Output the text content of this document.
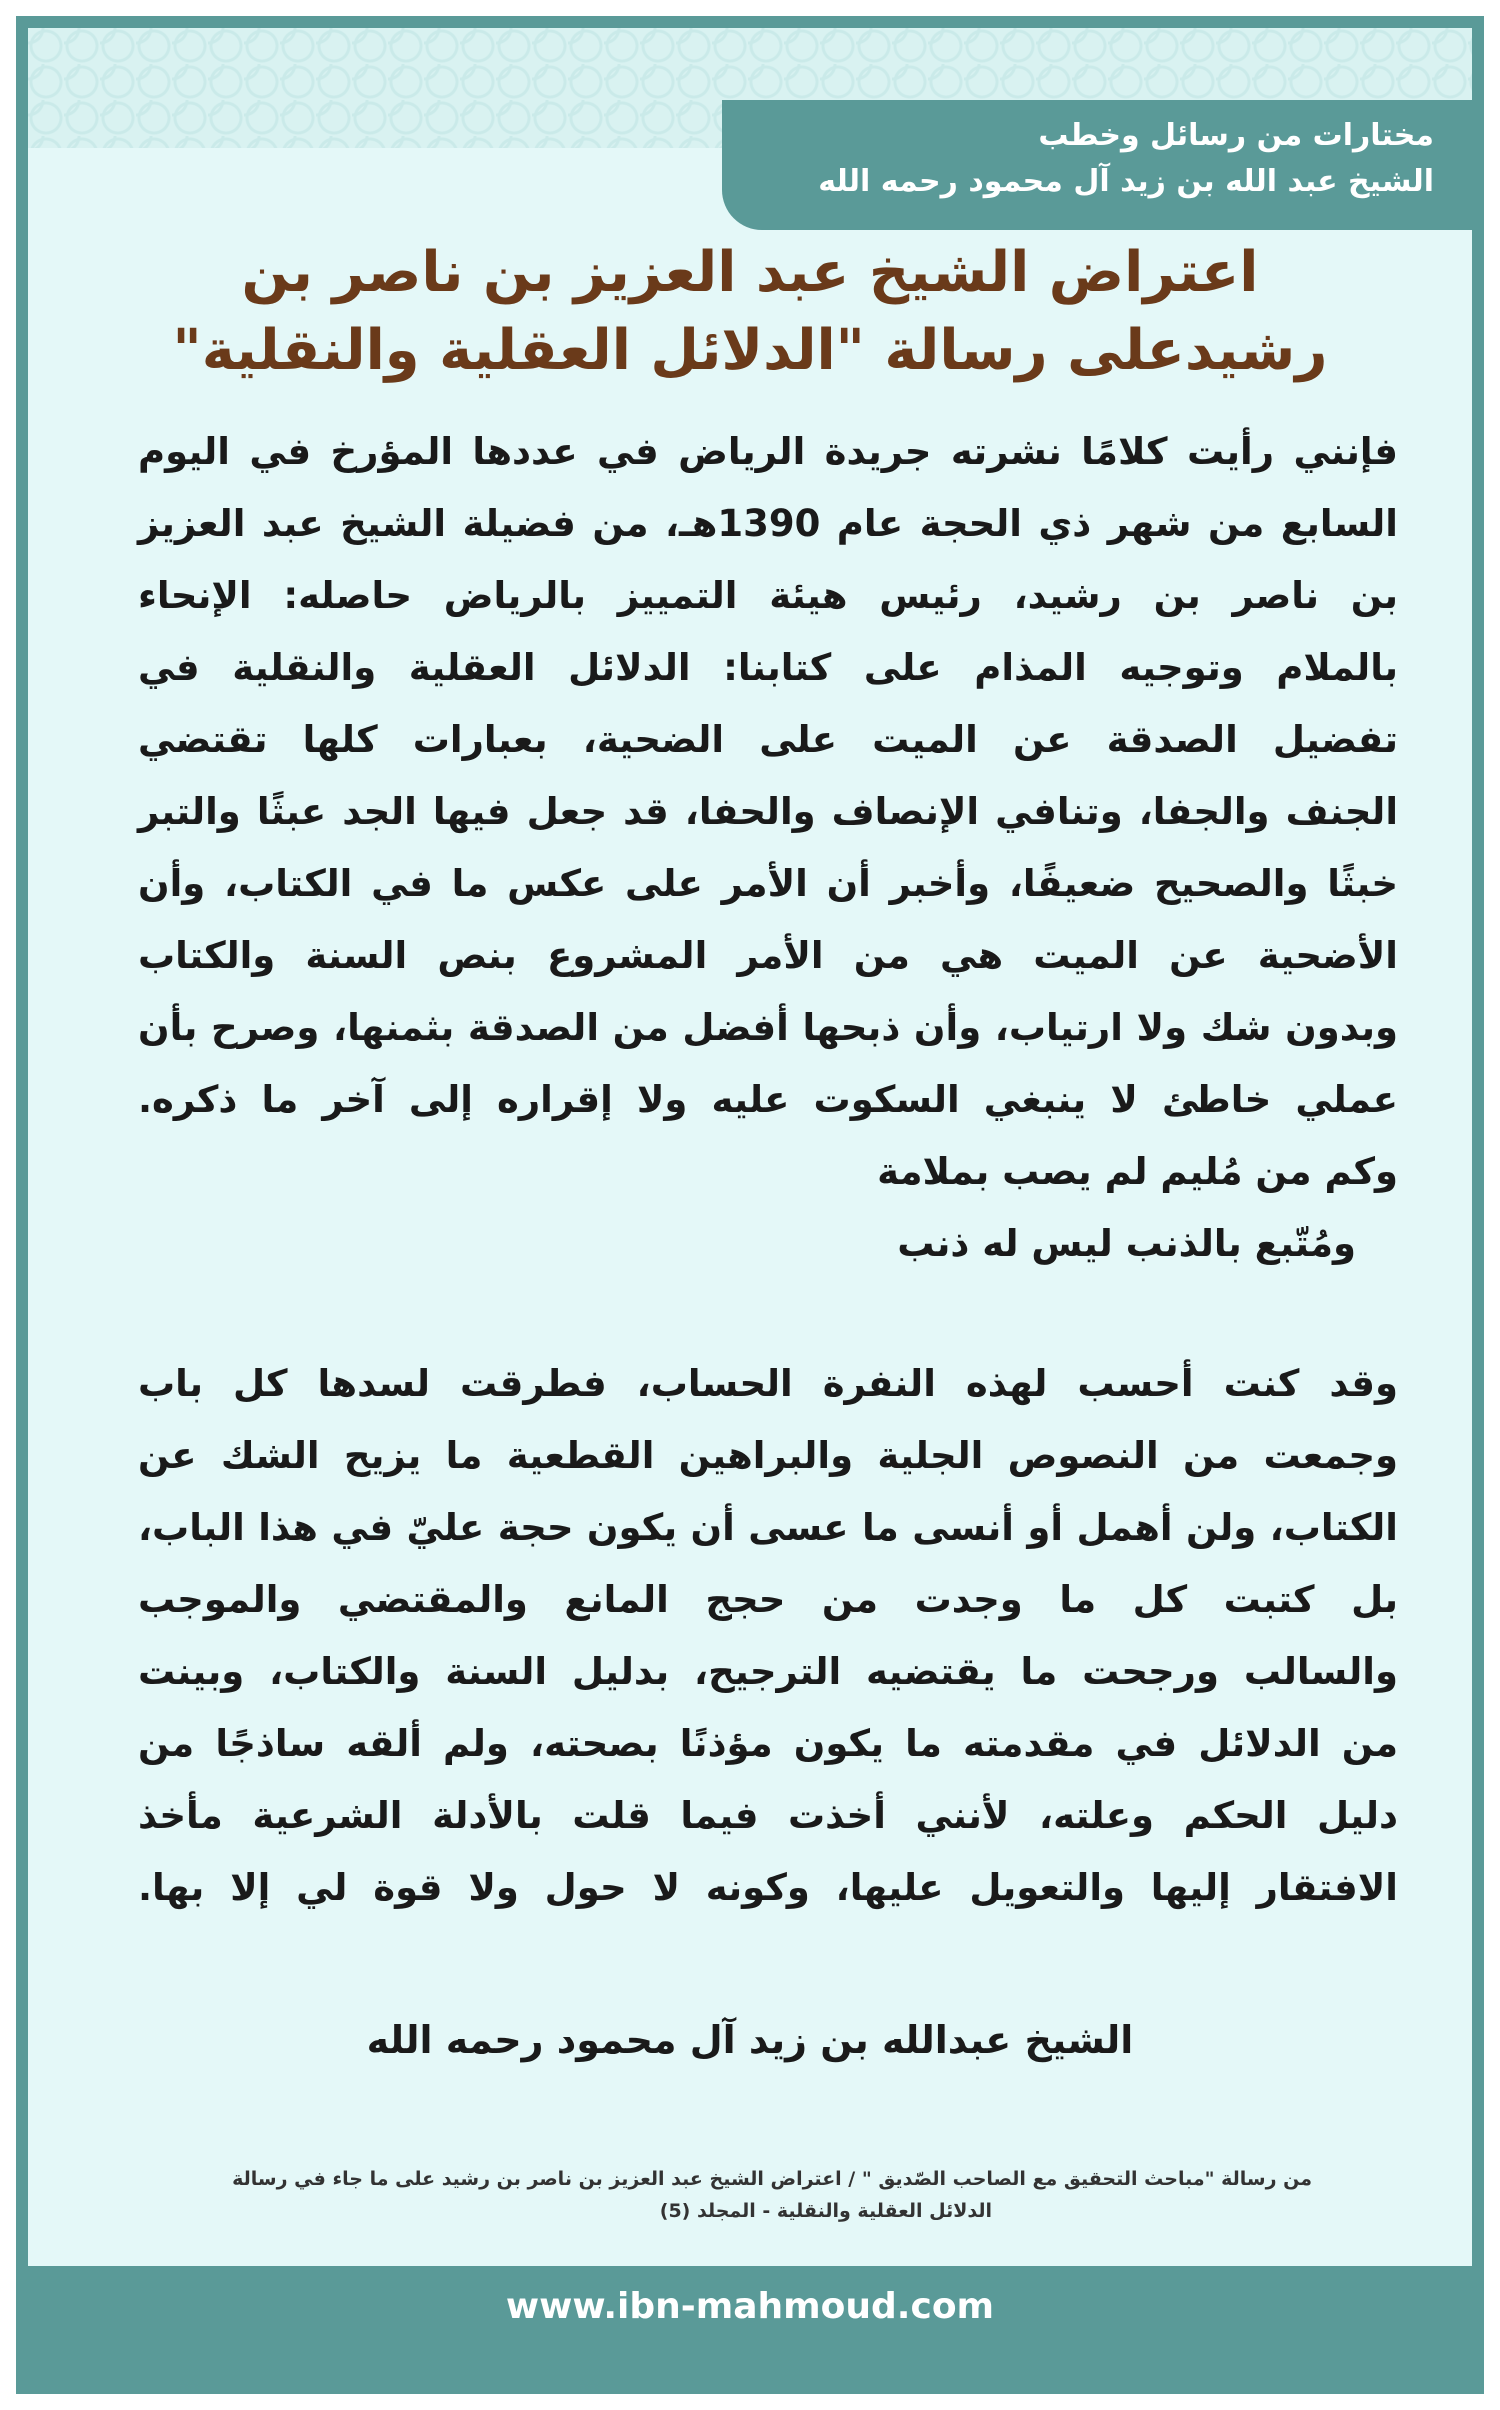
مختارات من رسائل وخطب
الشيخ عبد الله بن زيد آل محمود رحمه الله
اعتراض الشيخ عبد العزيز بن ناصر بن
رشيدعلى رسالة "الدلائل العقلية والنقلية"
فإنني رأيت كلامًا نشرته جريدة الرياض في عددها المؤرخ في اليوم
السابع من شهر ذي الحجة عام 1390هـ، من فضيلة الشيخ عبد العزيز
بن ناصر بن رشيد، رئيس هيئة التمييز بالرياض حاصله: الإنحاء
بالملام وتوجيه المذام على كتابنا: الدلائل العقلية والنقلية في
تفضيل الصدقة عن الميت على الضحية، بعبارات كلها تقتضي
الجنف والجفا، وتنافي الإنصاف والحفا، قد جعل فيها الجد عبثًا والتبر
خبثًا والصحيح ضعيفًا، وأخبر أن الأمر على عكس ما في الكتاب، وأن
الأضحية عن الميت هي من الأمر المشروع بنص السنة والكتاب
وبدون شك ولا ارتياب، وأن ذبحها أفضل من الصدقة بثمنها، وصرح بأن
عملي خاطئ لا ينبغي السكوت عليه ولا إقراره إلى آخر ما ذكره.
وكم من مُليم لم يصب بملامة
ومُتّبع بالذنب ليس له ذنب
وقد كنت أحسب لهذه النفرة الحساب، فطرقت لسدها كل باب
وجمعت من النصوص الجلية والبراهين القطعية ما يزيح الشك عن
الكتاب، ولن أهمل أو أنسى ما عسى أن يكون حجة عليّ في هذا الباب،
بل كتبت كل ما وجدت من حجج المانع والمقتضي والموجب
والسالب ورجحت ما يقتضيه الترجيح، بدليل السنة والكتاب، وبينت
من الدلائل في مقدمته ما يكون مؤذنًا بصحته، ولم ألقه ساذجًا من
دليل الحكم وعلته، لأنني أخذت فيما قلت بالأدلة الشرعية مأخذ
الافتقار إليها والتعويل عليها، وكونه لا حول ولا قوة لي إلا بها.
الشيخ عبدالله بن زيد آل محمود رحمه الله
من رسالة "مباحث التحقيق مع الصاحب الصّديق " / اعتراض الشيخ عبد العزيز بن ناصر بن رشيد على ما جاء في رسالة
الدلائل العقلية والنقلية - المجلد (5)
www.ibn-mahmoud.com
